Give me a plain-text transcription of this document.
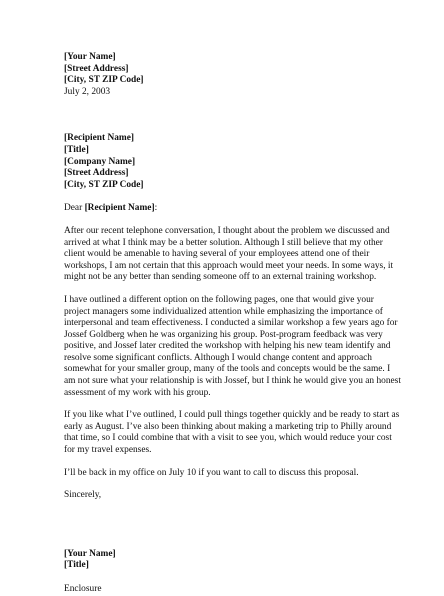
[Your Name]
[Street Address]
[City, ST ZIP Code]
July 2, 2003
[Recipient Name]
[Title]
[Company Name]
[Street Address]
[City, ST ZIP Code]

Dear [Recipient Name]:

After our recent telephone conversation, I thought about the problem we discussed and
arrived at what I think may be a better solution. Although I still believe that my other
client would be amenable to having several of your employees attend one of their
workshops, I am not certain that this approach would meet your needs. In some ways, it
might not be any better than sending someone off to an external training workshop.
I have outlined a different option on the following pages, one that would give your
project managers some individualized attention while emphasizing the importance of
interpersonal and team effectiveness. I conducted a similar workshop a few years ago for
Jossef Goldberg when he was organizing his group. Post-program feedback was very
positive, and Jossef later credited the workshop with helping his new team identify and
resolve some significant conflicts. Although I would change content and approach
somewhat for your smaller group, many of the tools and concepts would be the same. I
am not sure what your relationship is with Jossef, but I think he would give you an honest
assessment of my work with his group.
If you like what I’ve outlined, I could pull things together quickly and be ready to start as
early as August. I’ve also been thinking about making a marketing trip to Philly around
that time, so I could combine that with a visit to see you, which would reduce your cost
for my travel expenses.
I’ll be back in my office on July 10 if you want to call to discuss this proposal.

Sincerely,

[Your Name]
[Title]

Enclosure
